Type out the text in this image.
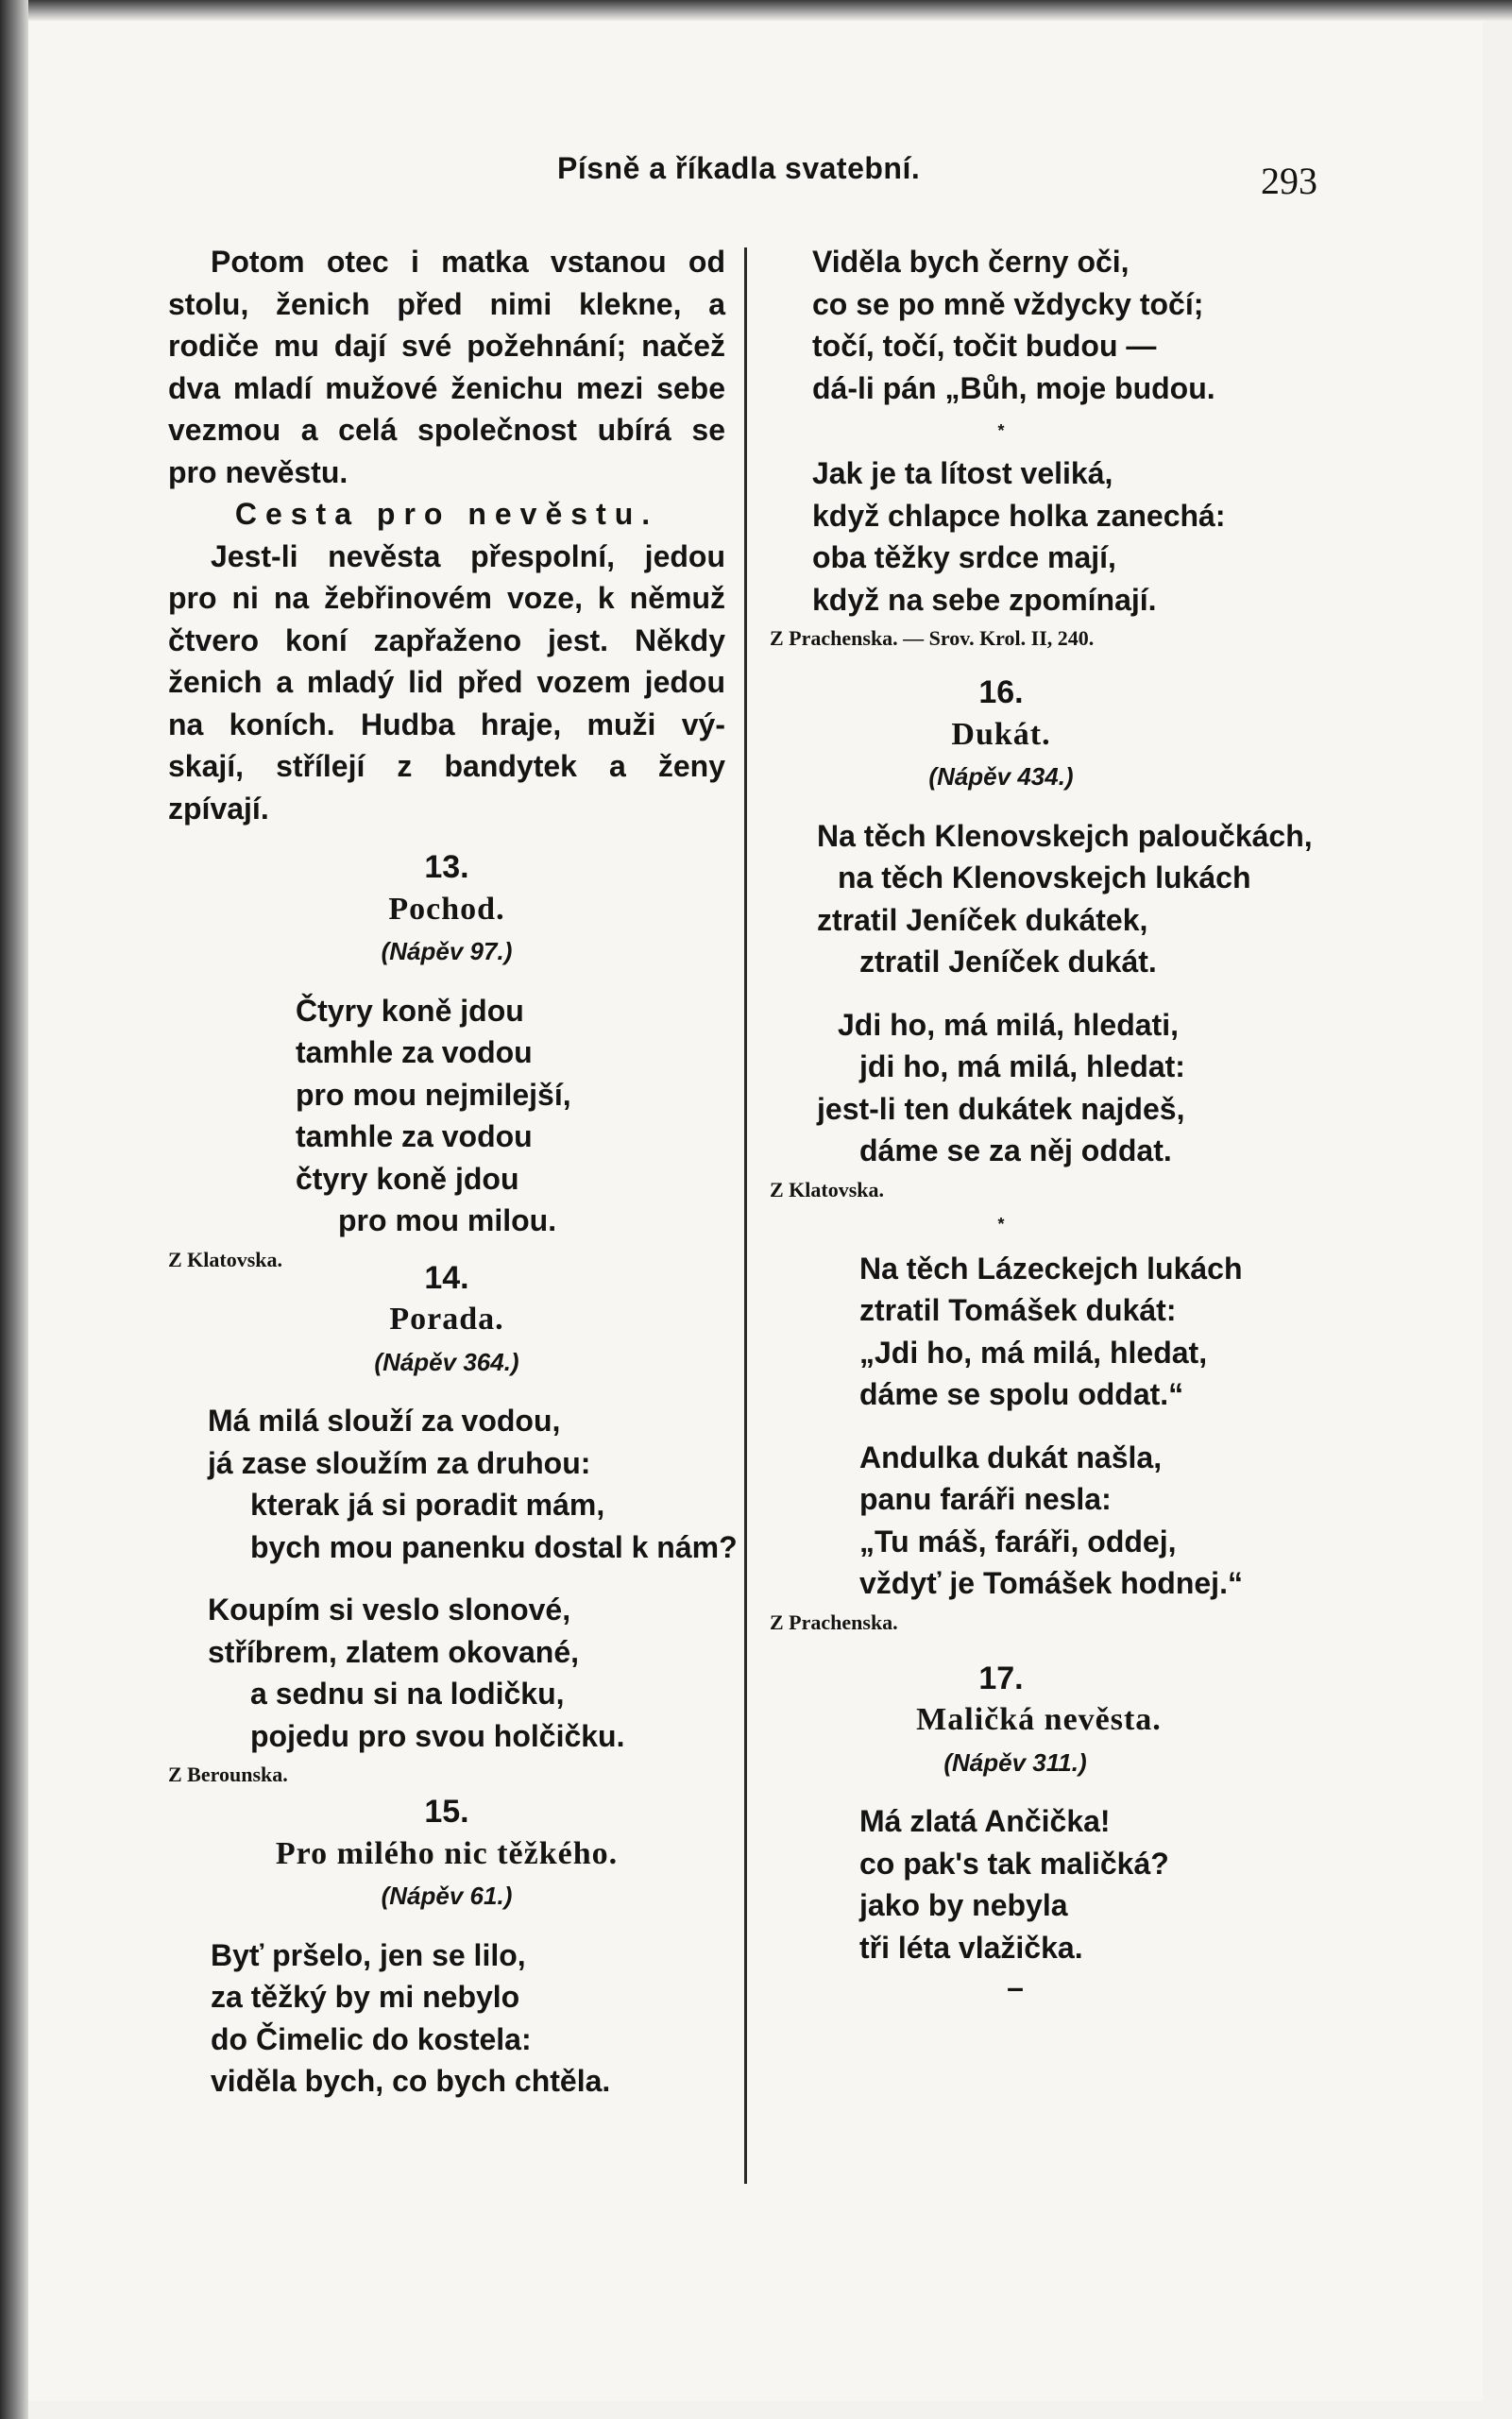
Písně a říkadla svatební.	293
Potom otec i matka vstanou od
stolu, ženich před nimi klekne, a
rodiče mu dají své požehnání; načež
dva mladí mužové ženichu mezi sebe
vezmou a celá společnost ubírá se
pro nevěstu.
Cesta pro nevěstu.
Jest-li nevěsta přespolní, jedou
pro ni na žebřinovém voze, k němuž
čtvero koní zapřaženo jest. Někdy
ženich a mladý lid před vozem jedou
na koních. Hudba hraje, muži vý-
skají, střílejí z bandytek a ženy
zpívají.

13.

Pochod.

(Nápěv 97.)

Čtyry koně jdou
tamhle za vodou
pro mou nejmilejší,
tamhle za vodou
čtyry koně jdou
pro mou milou.
Z Klatovska.

14.

Porada.

(Nápěv 364.)

Má milá slouží za vodou,
já zase sloužím za druhou:
kterak já si poradit mám,
bych mou panenku dostal k nám?
Koupím si veslo slonové,
stříbrem, zlatem okované,
a sednu si na lodičku,
pojedu pro svou holčičku.
Z Berounska.

15.

Pro milého nic těžkého.

(Nápěv 61.)

Byť pršelo, jen se lilo,
za těžký by mi nebylo
do Čimelic do kostela:
viděla bych, co bych chtěla.
Viděla bych černy oči,
co se po mně vždycky točí;
točí, točí, točit budou —
dá-li pán „Bůh, moje budou.
*
Jak je ta lítost veliká,
když chlapce holka zanechá:
oba těžky srdce mají,
když na sebe zpomínají.
Z Prachenska. — Srov. Krol. II, 240.

16.

Dukát.

(Nápěv 434.)

Na těch Klenovskejch paloučkách,
na těch Klenovskejch lukách
ztratil Jeníček dukátek,
ztratil Jeníček dukát.
Jdi ho, má milá, hledati,
jdi ho, má milá, hledat:
jest-li ten dukátek najdeš,
dáme se za něj oddat.
Z Klatovska.
*
Na těch Lázeckejch lukách
ztratil Tomášek dukát:
„Jdi ho, má milá, hledat,
dáme se spolu oddat.“
Andulka dukát našla,
panu faráři nesla:
„Tu máš, faráři, oddej,
vždyť je Tomášek hodnej.“
Z Prachenska.

17.

Maličká nevěsta.

(Nápěv 311.)

Má zlatá Ančička!
co pak's tak maličká?
jako by nebyla
tři léta vlažička.
–
